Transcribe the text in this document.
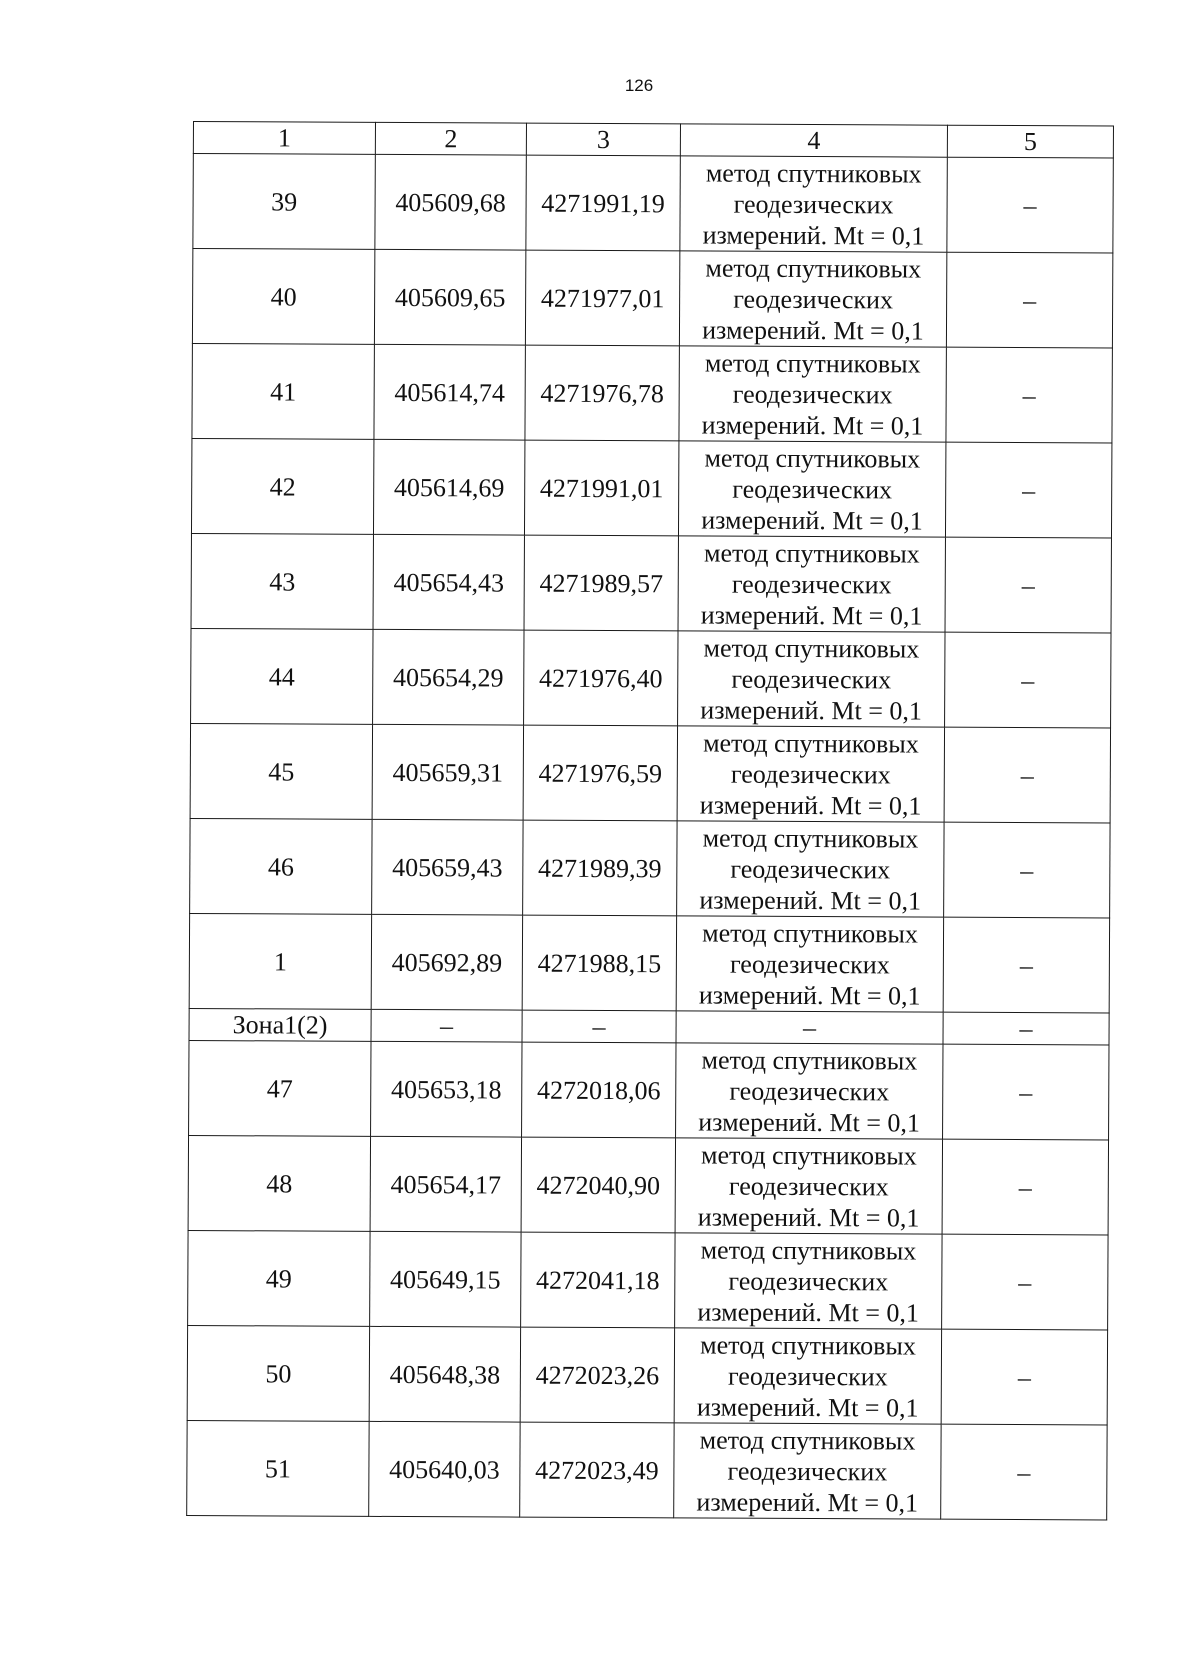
126
1	2	3	4	5
39	405609,68	4271991,19	метод спутниковых
геодезических
измерений. Mt = 0,1	–
40	405609,65	4271977,01	метод спутниковых
геодезических
измерений. Mt = 0,1	–
41	405614,74	4271976,78	метод спутниковых
геодезических
измерений. Mt = 0,1	–
42	405614,69	4271991,01	метод спутниковых
геодезических
измерений. Mt = 0,1	–
43	405654,43	4271989,57	метод спутниковых
геодезических
измерений. Mt = 0,1	–
44	405654,29	4271976,40	метод спутниковых
геодезических
измерений. Mt = 0,1	–
45	405659,31	4271976,59	метод спутниковых
геодезических
измерений. Mt = 0,1	–
46	405659,43	4271989,39	метод спутниковых
геодезических
измерений. Mt = 0,1	–
1	405692,89	4271988,15	метод спутниковых
геодезических
измерений. Mt = 0,1	–
Зона1(2)	–	–	–	–
47	405653,18	4272018,06	метод спутниковых
геодезических
измерений. Mt = 0,1	–
48	405654,17	4272040,90	метод спутниковых
геодезических
измерений. Mt = 0,1	–
49	405649,15	4272041,18	метод спутниковых
геодезических
измерений. Mt = 0,1	–
50	405648,38	4272023,26	метод спутниковых
геодезических
измерений. Mt = 0,1	–
51	405640,03	4272023,49	метод спутниковых
геодезических
измерений. Mt = 0,1	–
